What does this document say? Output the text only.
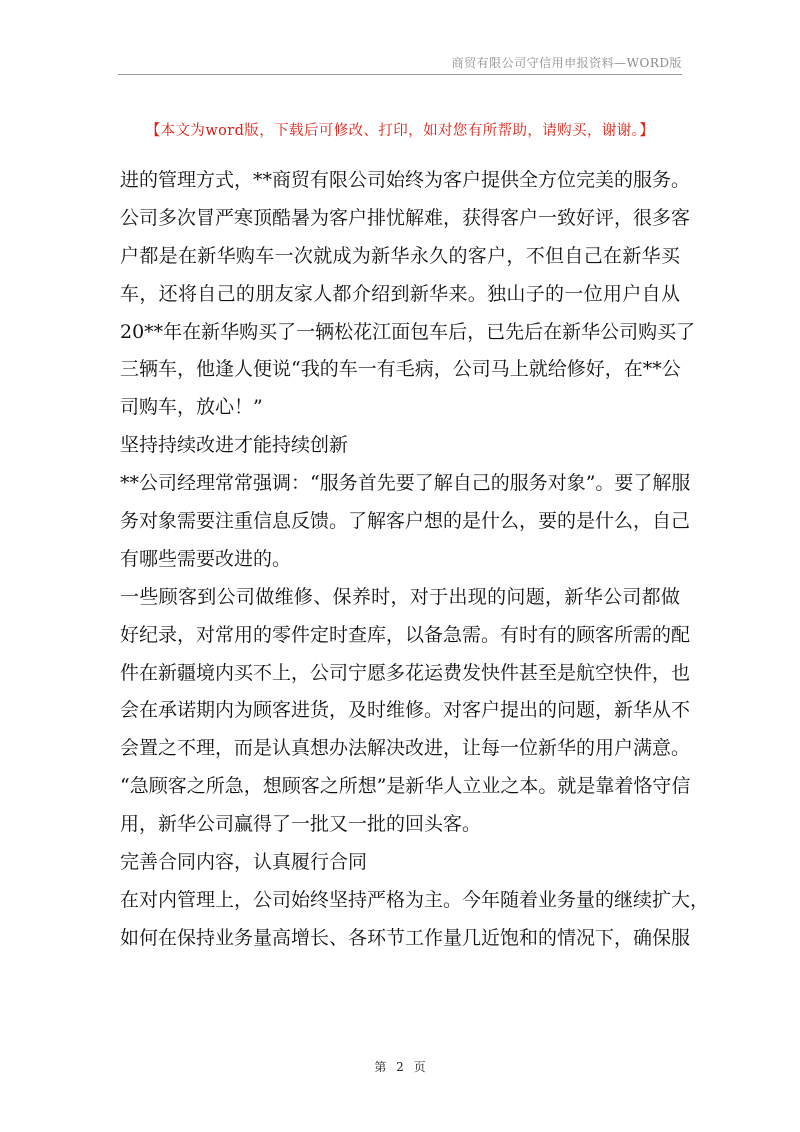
商贸有限公司守信用申报资料—WORD版
【本文为word版，下载后可修改、打印，如对您有所帮助，请购买，谢谢。】
进的管理方式，**商贸有限公司始终为客户提供全方位完美的服务。
公司多次冒严寒顶酷暑为客户排忧解难，获得客户一致好评，很多客
户都是在新华购车一次就成为新华永久的客户，不但自己在新华买
车，还将自己的朋友家人都介绍到新华来。独山子的一位用户自从
20**年在新华购买了一辆松花江面包车后，已先后在新华公司购买了
三辆车，他逢人便说“我的车一有毛病，公司马上就给修好，在**公
司购车，放心！”
坚持持续改进才能持续创新
**公司经理常常强调：“服务首先要了解自己的服务对象”。要了解服
务对象需要注重信息反馈。了解客户想的是什么，要的是什么，自己
有哪些需要改进的。
一些顾客到公司做维修、保养时，对于出现的问题，新华公司都做
好纪录，对常用的零件定时查库，以备急需。有时有的顾客所需的配
件在新疆境内买不上，公司宁愿多花运费发快件甚至是航空快件，也
会在承诺期内为顾客进货，及时维修。对客户提出的问题，新华从不
会置之不理，而是认真想办法解决改进，让每一位新华的用户满意。
“急顾客之所急，想顾客之所想”是新华人立业之本。就是靠着恪守信
用，新华公司赢得了一批又一批的回头客。
完善合同内容，认真履行合同
在对内管理上，公司始终坚持严格为主。今年随着业务量的继续扩大，
如何在保持业务量高增长、各环节工作量几近饱和的情况下，确保服
第 2 页
